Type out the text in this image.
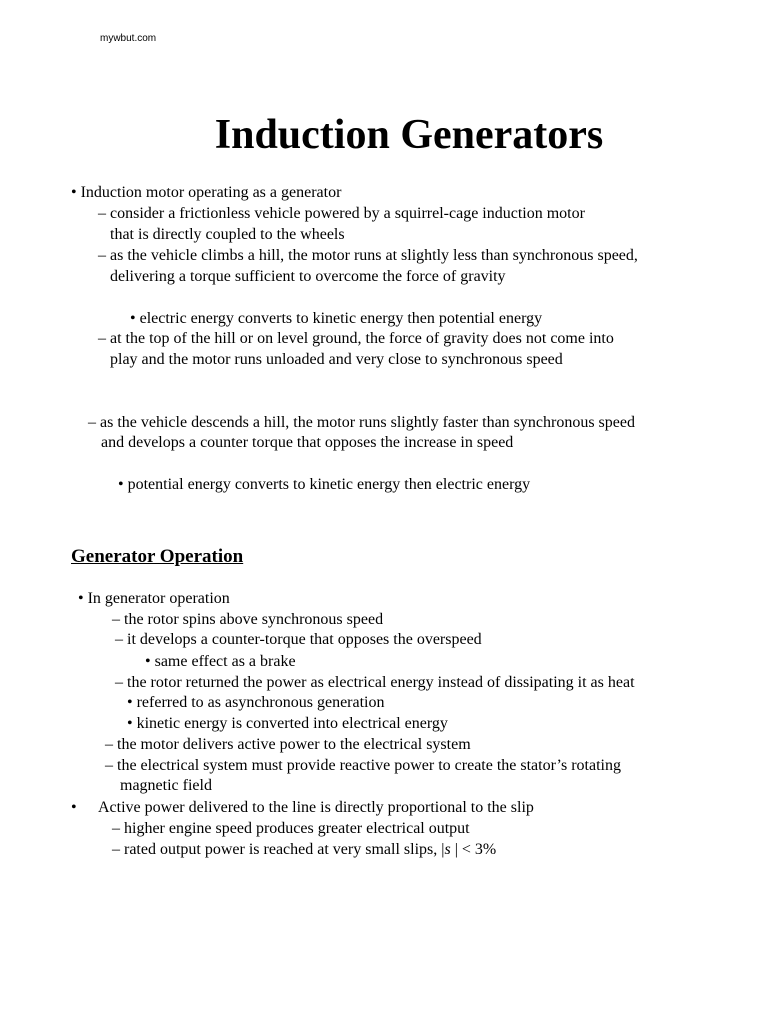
mywbut.com
Induction Generators
• Induction motor operating as a generator
– consider a frictionless vehicle powered by a squirrel-cage induction motor
that is directly coupled to the wheels
– as the vehicle climbs a hill, the motor runs at slightly less than synchronous speed,
delivering a torque sufficient to overcome the force of gravity
• electric energy converts to kinetic energy then potential energy
– at the top of the hill or on level ground, the force of gravity does not come into
play and the motor runs unloaded and very close to synchronous speed
– as the vehicle descends a hill, the motor runs slightly faster than synchronous speed
and develops a counter torque that opposes the increase in speed
• potential energy converts to kinetic energy then electric energy
Generator Operation
• In generator operation
– the rotor spins above synchronous speed
– it develops a counter-torque that opposes the overspeed
• same effect as a brake
– the rotor returned the power as electrical energy instead of dissipating it as heat
• referred to as asynchronous generation
• kinetic energy is converted into electrical energy
– the motor delivers active power to the electrical system
– the electrical system must provide reactive power to create the stator’s rotating
magnetic field
• Active power delivered to the line is directly proportional to the slip
– higher engine speed produces greater electrical output
– rated output power is reached at very small slips, |s | < 3%
